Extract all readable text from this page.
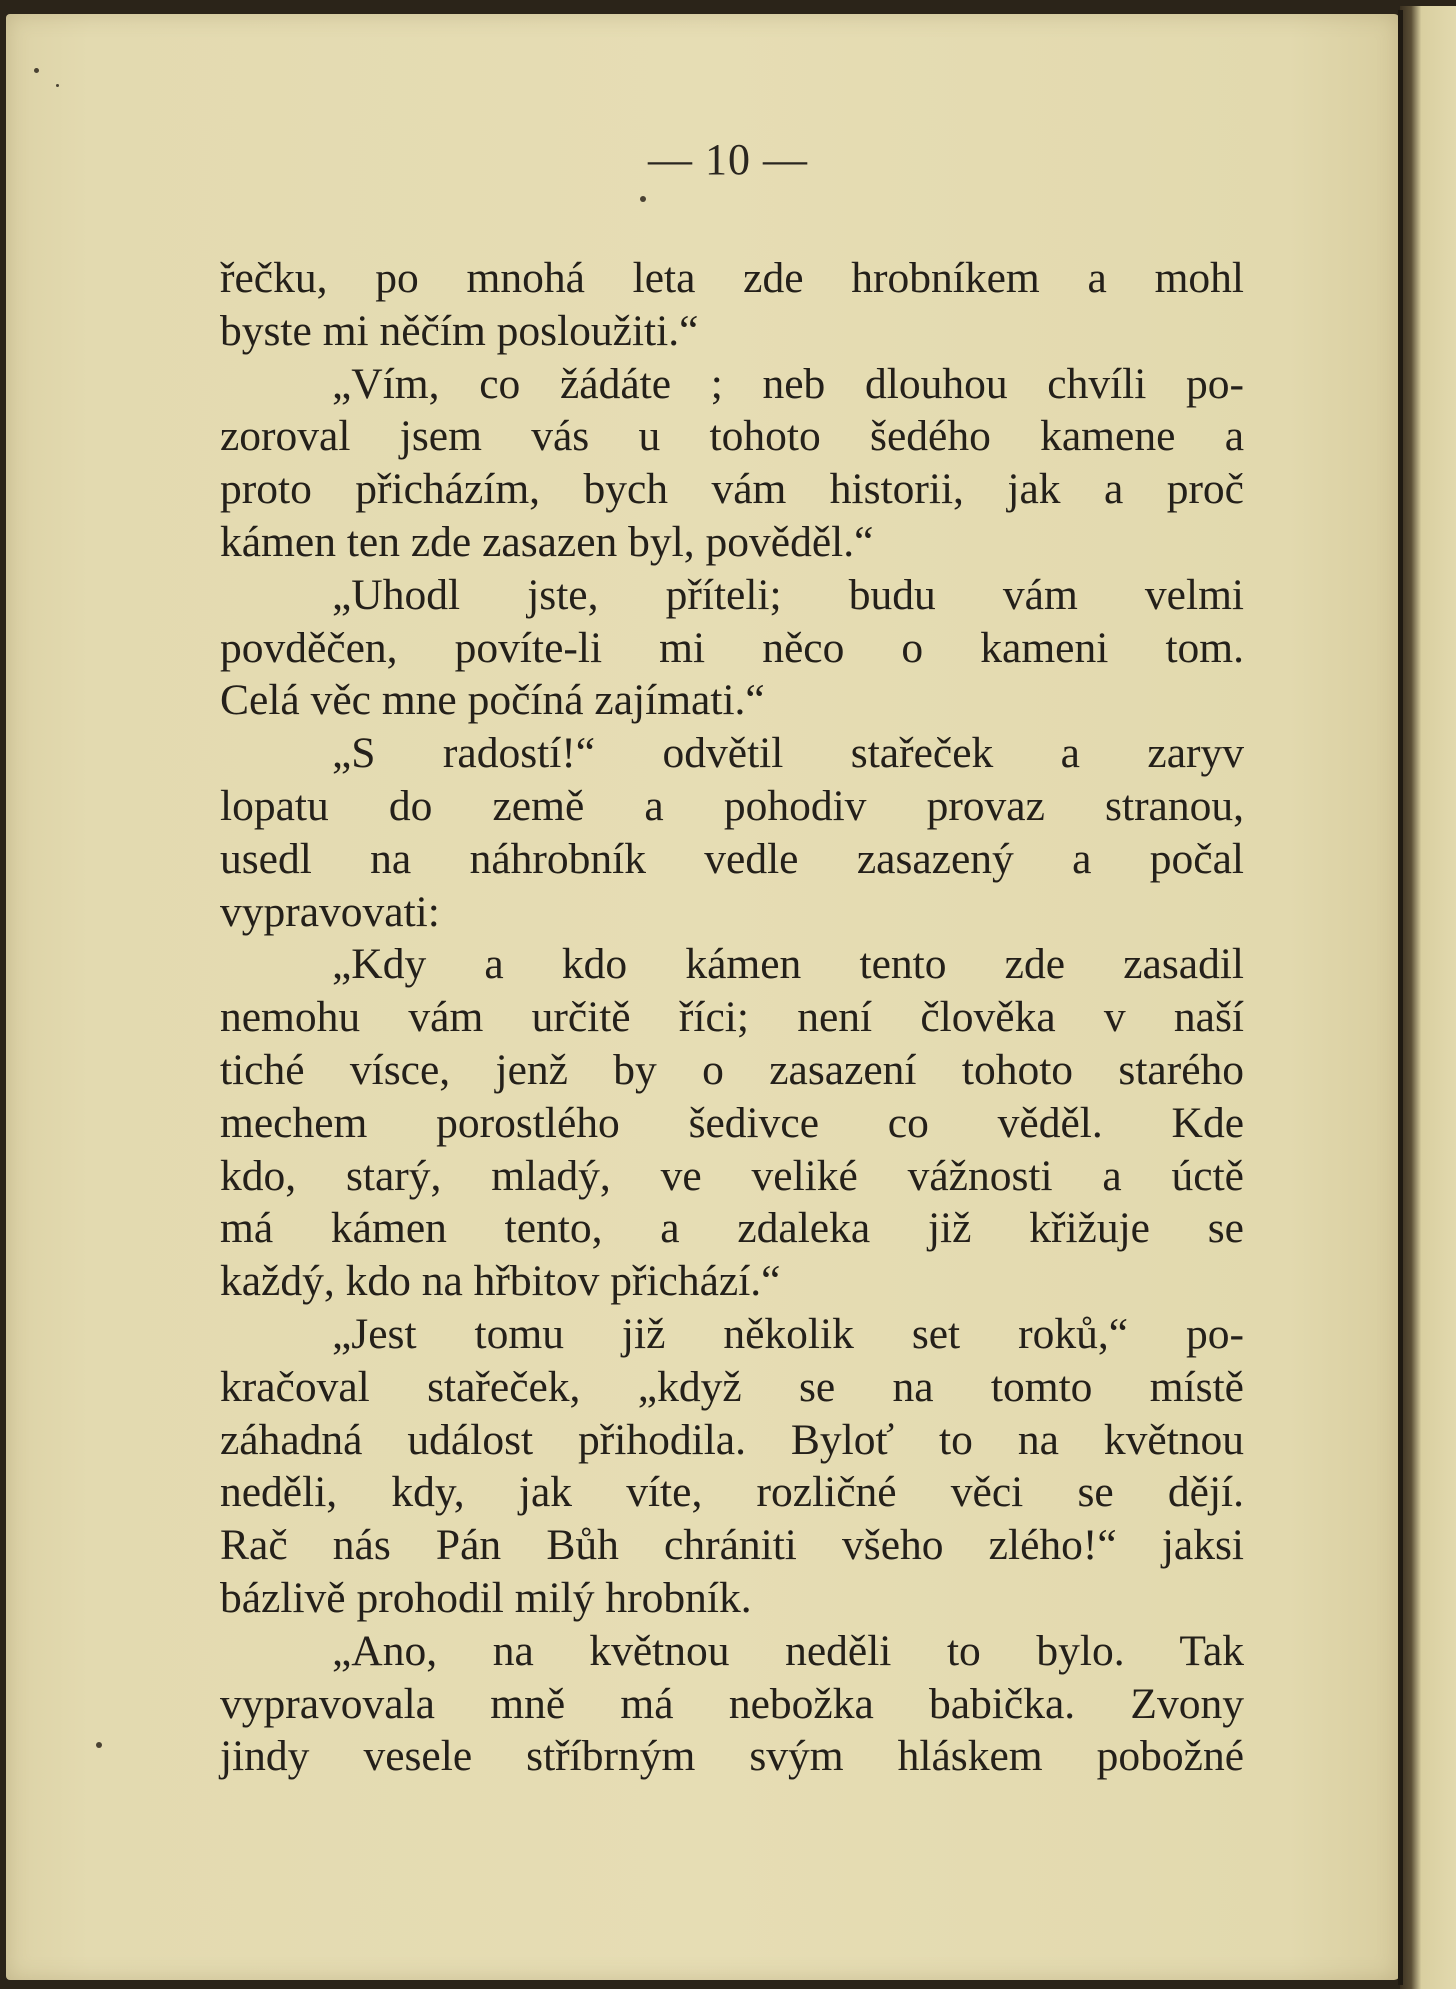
— 10 —
řečku, po mnohá leta zde hrobníkem a mohl
byste mi něčím posloužiti.“
„Vím, co žádáte ; neb dlouhou chvíli po-
zoroval jsem vás u tohoto šedého kamene a
proto přicházím, bych vám historii, jak a proč
kámen ten zde zasazen byl, pověděl.“
„Uhodl jste, příteli; budu vám velmi
povděčen, povíte-li mi něco o kameni tom.
Celá věc mne počíná zajímati.“
„S radostí!“ odvětil stařeček a zaryv
lopatu do země a pohodiv provaz stranou,
usedl na náhrobník vedle zasazený a počal
vypravovati:
„Kdy a kdo kámen tento zde zasadil
nemohu vám určitě říci; není člověka v naší
tiché vísce, jenž by o zasazení tohoto starého
mechem porostlého šedivce co věděl. Kde
kdo, starý, mladý, ve veliké vážnosti a úctě
má kámen tento, a zdaleka již křižuje se
každý, kdo na hřbitov přichází.“
„Jest tomu již několik set roků,“ po-
kračoval stařeček, „když se na tomto místě
záhadná událost přihodila. Byloť to na květnou
neděli, kdy, jak víte, rozličné věci se dějí.
Rač nás Pán Bůh chrániti všeho zlého!“ jaksi
bázlivě prohodil milý hrobník.
„Ano, na květnou neděli to bylo. Tak
vypravovala mně má nebožka babička. Zvony
jindy vesele stříbrným svým hláskem pobožné
